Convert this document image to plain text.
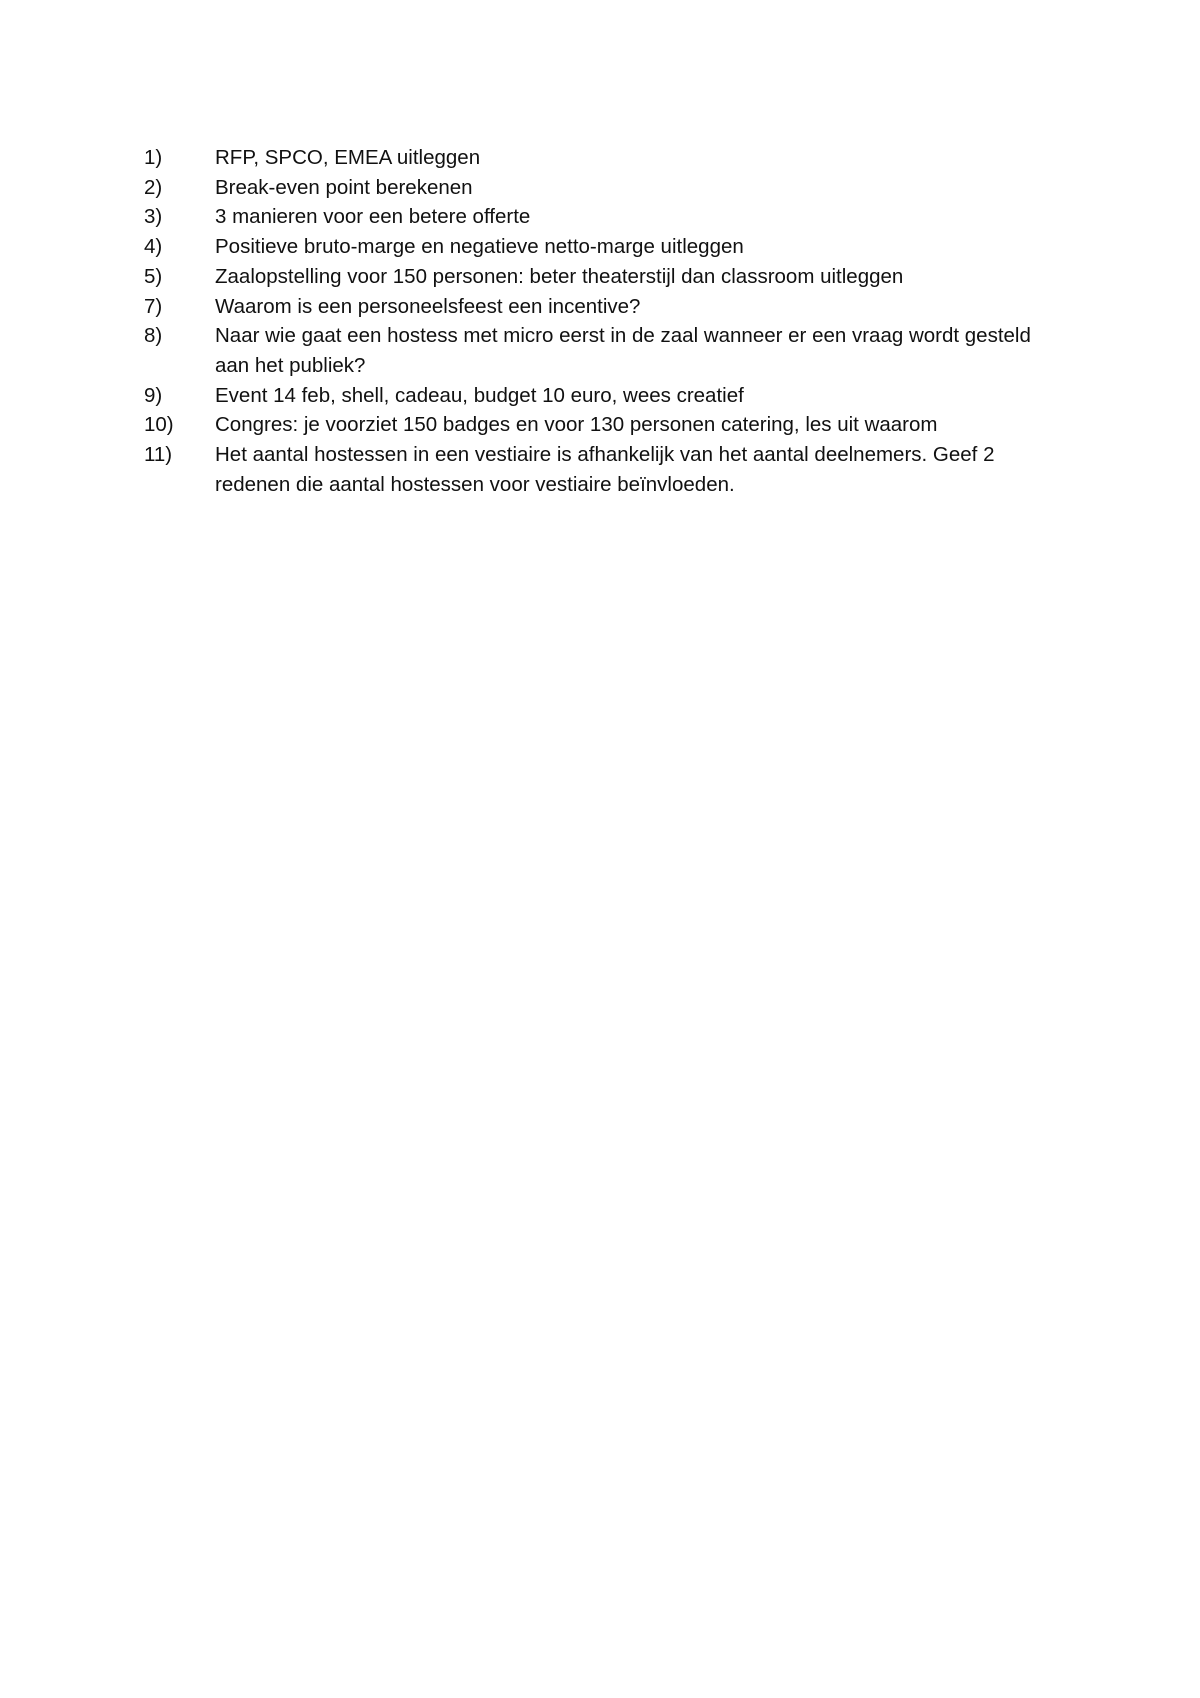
1)	RFP, SPCO, EMEA uitleggen
2)	Break-even point berekenen
3)	3 manieren voor een betere offerte
4)	Positieve bruto-marge en negatieve netto-marge uitleggen
5)	Zaalopstelling voor 150 personen: beter theaterstijl dan classroom uitleggen
7)	Waarom is een personeelsfeest een incentive?
8)	Naar wie gaat een hostess met micro eerst in de zaal wanneer er een vraag wordt gesteld aan het publiek?
9)	Event 14 feb, shell, cadeau, budget 10 euro, wees creatief
10)	Congres: je voorziet 150 badges en voor 130 personen catering, les uit waarom
11)	Het aantal hostessen in een vestiaire is afhankelijk van het aantal deelnemers. Geef 2 redenen die aantal hostessen voor vestiaire beïnvloeden.
